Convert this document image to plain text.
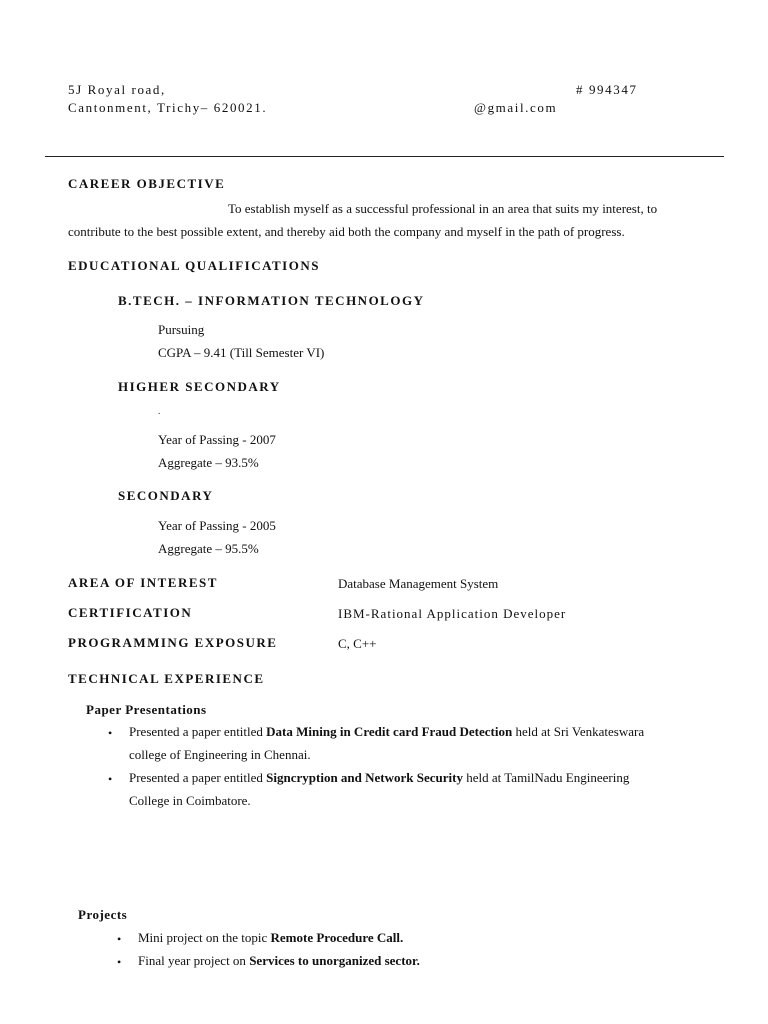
5J Royal road,
Cantonment, Trichy– 620021.
# 994347
@gmail.com
CAREER OBJECTIVE
To establish myself as a successful professional in an area that suits my interest, to
contribute to the best possible extent, and thereby aid both the company and myself in the path of progress.
EDUCATIONAL QUALIFICATIONS
B.TECH. – INFORMATION TECHNOLOGY
Pursuing
CGPA – 9.41 (Till Semester VI)
HIGHER SECONDARY
.
Year of Passing - 2007
Aggregate – 93.5%
SECONDARY
Year of Passing - 2005
Aggregate – 95.5%
AREA OF INTEREST	Database Management System
CERTIFICATION	IBM-Rational Application Developer
PROGRAMMING EXPOSURE	C, C++
TECHNICAL EXPERIENCE
Paper Presentations
• Presented a paper entitled Data Mining in Credit card Fraud Detection held at Sri Venkateswara
college of Engineering in Chennai.
• Presented a paper entitled Signcryption and Network Security held at TamilNadu Engineering
College in Coimbatore.
Projects
• Mini project on the topic Remote Procedure Call.
• Final year project on Services to unorganized sector.
